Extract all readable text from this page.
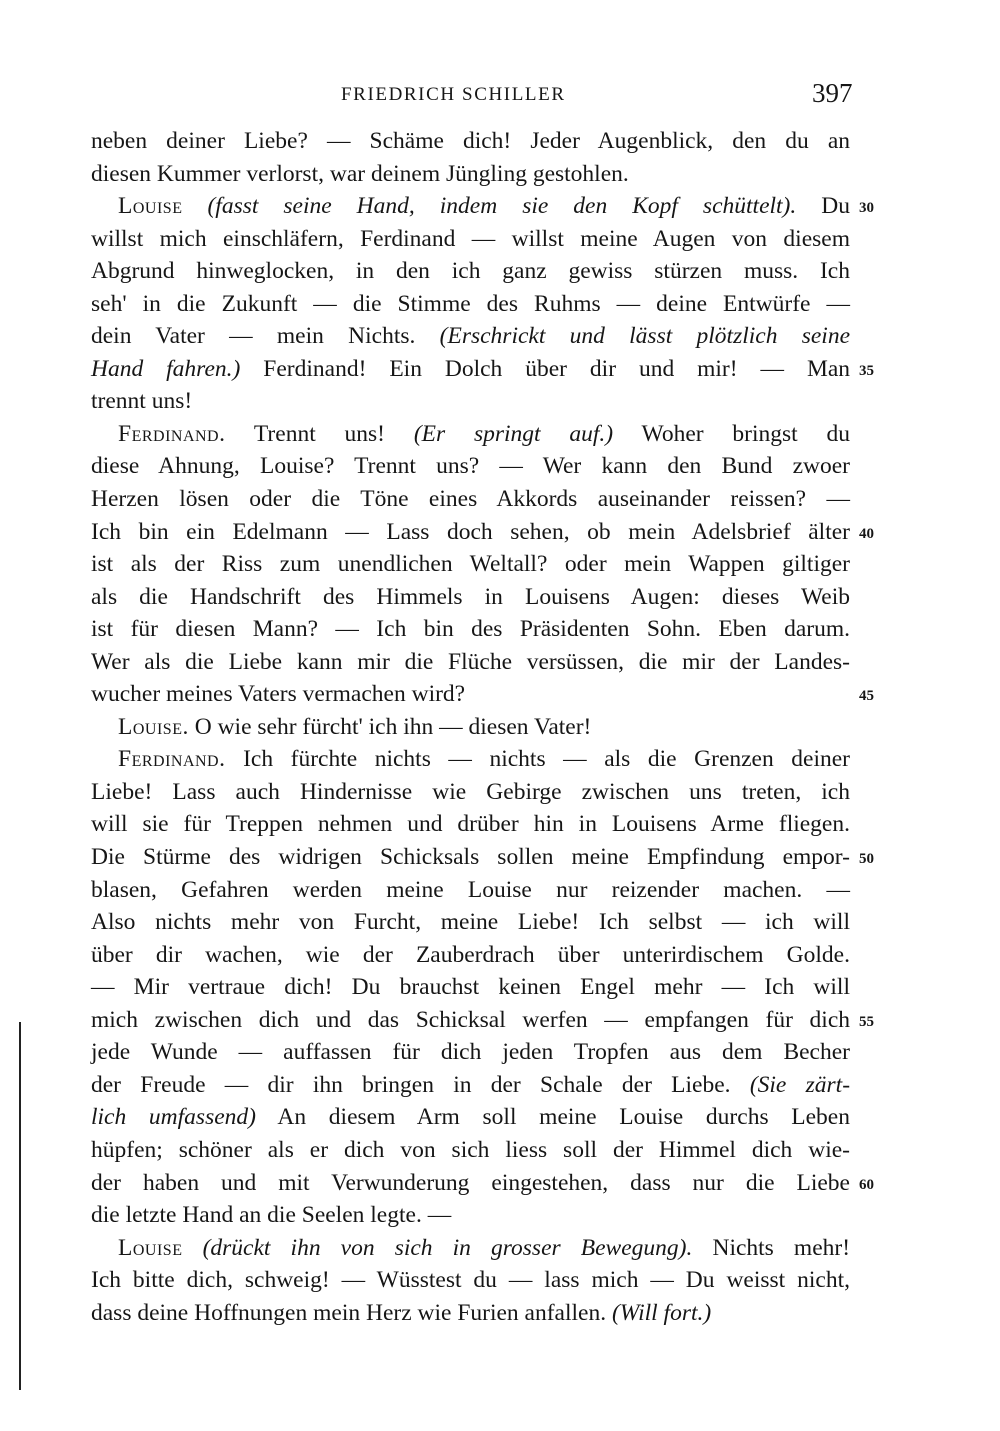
FRIEDRICH SCHILLER	397
neben deiner Liebe? — Schäme dich! Jeder Augenblick, den du an
diesen Kummer verlorst, war deinem Jüngling gestohlen.
Louise (fasst seine Hand, indem sie den Kopf schüttelt). Du 30
willst mich einschläfern, Ferdinand — willst meine Augen von diesem
Abgrund hinweglocken, in den ich ganz gewiss stürzen muss. Ich
seh' in die Zukunft — die Stimme des Ruhms — deine Entwürfe —
dein Vater — mein Nichts. (Erschrickt und lässt plötzlich seine
Hand fahren.) Ferdinand! Ein Dolch über dir und mir! — Man 35
trennt uns!
Ferdinand. Trennt uns! (Er springt auf.) Woher bringst du
diese Ahnung, Louise? Trennt uns? — Wer kann den Bund zwoer
Herzen lösen oder die Töne eines Akkords auseinander reissen? —
Ich bin ein Edelmann — Lass doch sehen, ob mein Adelsbrief älter 40
ist als der Riss zum unendlichen Weltall? oder mein Wappen giltiger
als die Handschrift des Himmels in Louisens Augen: dieses Weib
ist für diesen Mann? — Ich bin des Präsidenten Sohn. Eben darum.
Wer als die Liebe kann mir die Flüche versüssen, die mir der Landes-
wucher meines Vaters vermachen wird?	45
Louise. O wie sehr fürcht' ich ihn — diesen Vater!
Ferdinand. Ich fürchte nichts — nichts — als die Grenzen deiner
Liebe! Lass auch Hindernisse wie Gebirge zwischen uns treten, ich
will sie für Treppen nehmen und drüber hin in Louisens Arme fliegen.
Die Stürme des widrigen Schicksals sollen meine Empfindung empor- 50
blasen, Gefahren werden meine Louise nur reizender machen. —
Also nichts mehr von Furcht, meine Liebe! Ich selbst — ich will
über dir wachen, wie der Zauberdrach über unterirdischem Golde.
— Mir vertraue dich! Du brauchst keinen Engel mehr — Ich will
mich zwischen dich und das Schicksal werfen — empfangen für dich 55
jede Wunde — auffassen für dich jeden Tropfen aus dem Becher
der Freude — dir ihn bringen in der Schale der Liebe. (Sie zärt-
lich umfassend) An diesem Arm soll meine Louise durchs Leben
hüpfen; schöner als er dich von sich liess soll der Himmel dich wie-
der haben und mit Verwunderung eingestehen, dass nur die Liebe 60
die letzte Hand an die Seelen legte. —
Louise (drückt ihn von sich in grosser Bewegung). Nichts mehr!
Ich bitte dich, schweig! — Wüsstest du — lass mich — Du weisst nicht,
dass deine Hoffnungen mein Herz wie Furien anfallen. (Will fort.)
